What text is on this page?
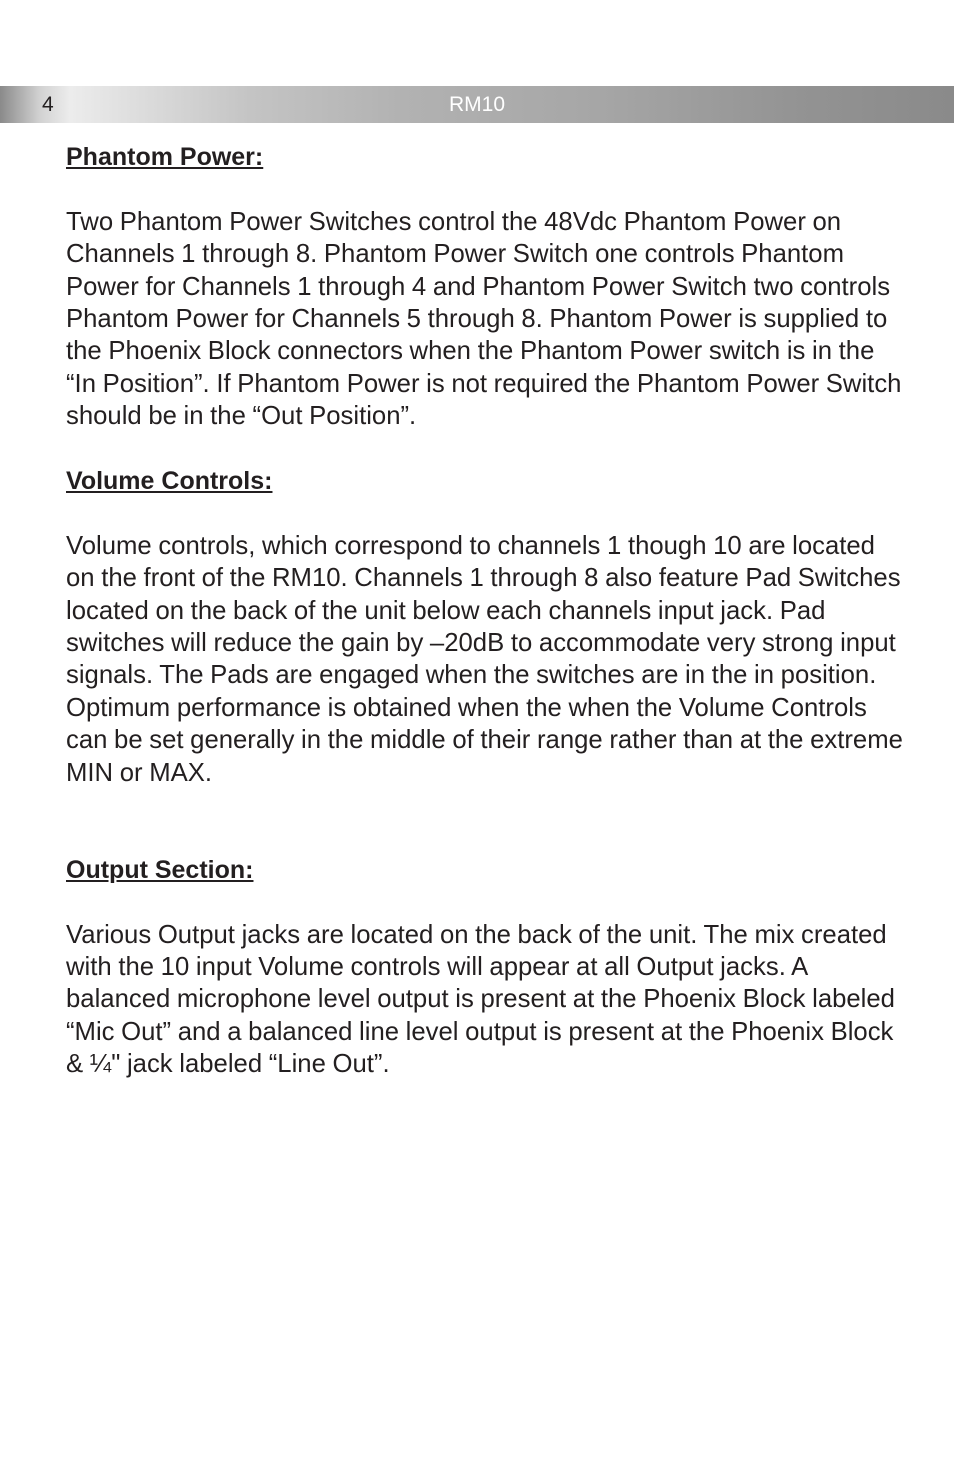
4	RM10
Phantom Power:

Two Phantom Power Switches control the 48Vdc Phantom Power on Channels 1 through 8. Phantom Power Switch one controls Phantom Power for Channels 1 through 4 and Phantom Power Switch two controls Phantom Power for Channels 5 through 8. Phantom Power is supplied to the Phoenix Block connectors when the Phantom Power switch is in the “In Position”. If Phantom Power is not required the Phantom Power Switch should be in the “Out Position”.

Volume Controls:

Volume controls, which correspond to channels 1 though 10 are located on the front of the RM10. Channels 1 through 8 also feature Pad Switches located on the back of the unit below each channels input jack. Pad switches will reduce the gain by –20dB to accommodate very strong input signals. The Pads are engaged when the switches are in the in position. Optimum performance is obtained when the when the Volume Controls can be set generally in the middle of their range rather than at the extreme MIN or MAX.

Output Section:

Various Output jacks are located on the back of the unit. The mix created with the 10 input Volume controls will appear at all Output jacks. A balanced microphone level output is present at the Phoenix Block labeled “Mic Out” and a balanced line level output is present at the Phoenix Block & ¼" jack labeled “Line Out”.
